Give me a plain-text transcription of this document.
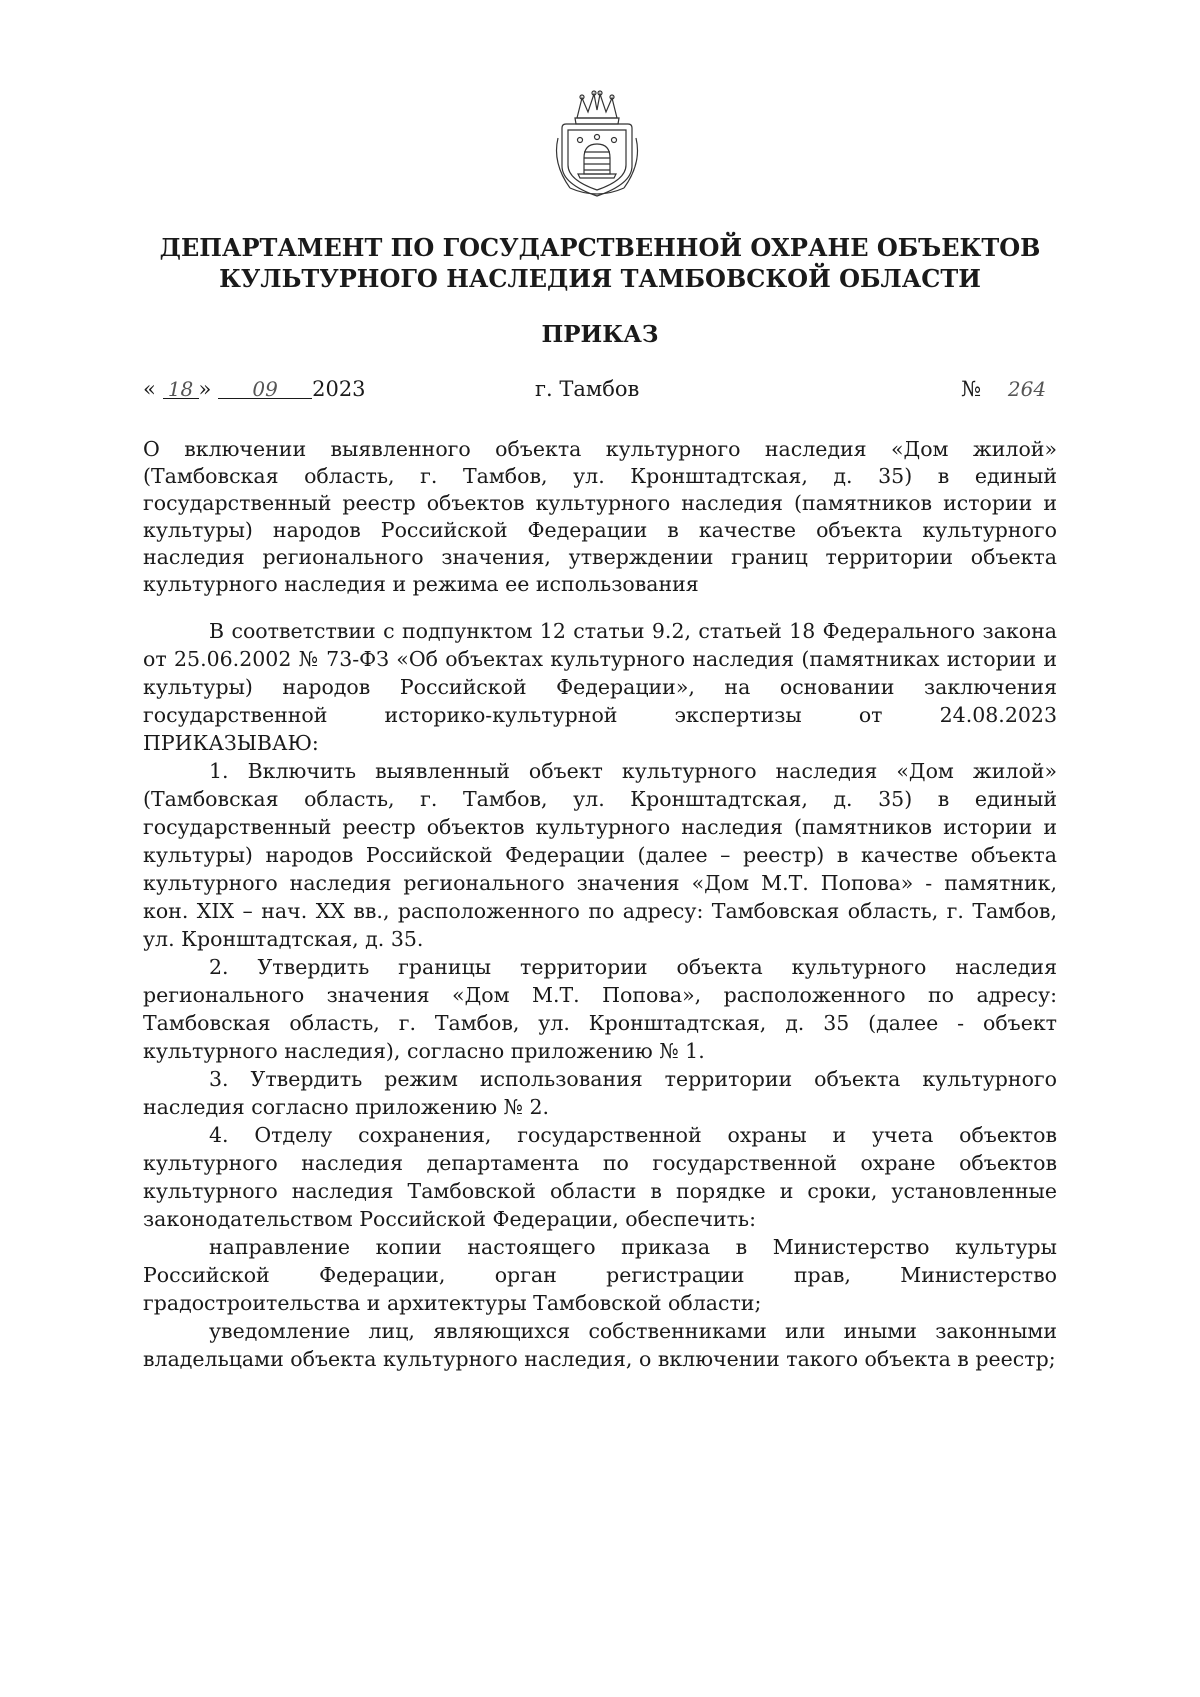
ДЕПАРТАМЕНТ ПО ГОСУДАРСТВЕННОЙ ОХРАНЕ ОБЪЕКТОВ
КУЛЬТУРНОГО НАСЛЕДИЯ ТАМБОВСКОЙ ОБЛАСТИ
ПРИКАЗ
« 18 » 09 2023	г. Тамбов	№ 264
О включении выявленного объекта культурного наследия «Дом жилой» (Тамбовская область, г. Тамбов, ул. Кронштадтская, д. 35) в единый государственный реестр объектов культурного наследия (памятников истории и культуры) народов Российской Федерации в качестве объекта культурного наследия регионального значения, утверждении границ территории объекта культурного наследия и режима ее использования

В соответствии с подпунктом 12 статьи 9.2, статьей 18 Федерального закона от 25.06.2002 № 73-ФЗ «Об объектах культурного наследия (памятниках истории и культуры) народов Российской Федерации», на основании заключения государственной историко-культурной экспертизы от 24.08.2023

ПРИКАЗЫВАЮ:

1. Включить выявленный объект культурного наследия «Дом жилой» (Тамбовская область, г. Тамбов, ул. Кронштадтская, д. 35) в единый государственный реестр объектов культурного наследия (памятников истории и культуры) народов Российской Федерации (далее – реестр) в качестве объекта культурного наследия регионального значения «Дом М.Т. Попова» - памятник, кон. XIX – нач. XX вв., расположенного по адресу: Тамбовская область, г. Тамбов, ул. Кронштадтская, д. 35.

2. Утвердить границы территории объекта культурного наследия регионального значения «Дом М.Т. Попова», расположенного по адресу: Тамбовская область, г. Тамбов, ул. Кронштадтская, д. 35 (далее - объект культурного наследия), согласно приложению № 1.

3. Утвердить режим использования территории объекта культурного наследия согласно приложению № 2.

4. Отделу сохранения, государственной охраны и учета объектов культурного наследия департамента по государственной охране объектов культурного наследия Тамбовской области в порядке и сроки, установленные законодательством Российской Федерации, обеспечить:

направление копии настоящего приказа в Министерство культуры Российской Федерации, орган регистрации прав, Министерство градостроительства и архитектуры Тамбовской области;

уведомление лиц, являющихся собственниками или иными законными владельцами объекта культурного наследия, о включении такого объекта в реестр;
